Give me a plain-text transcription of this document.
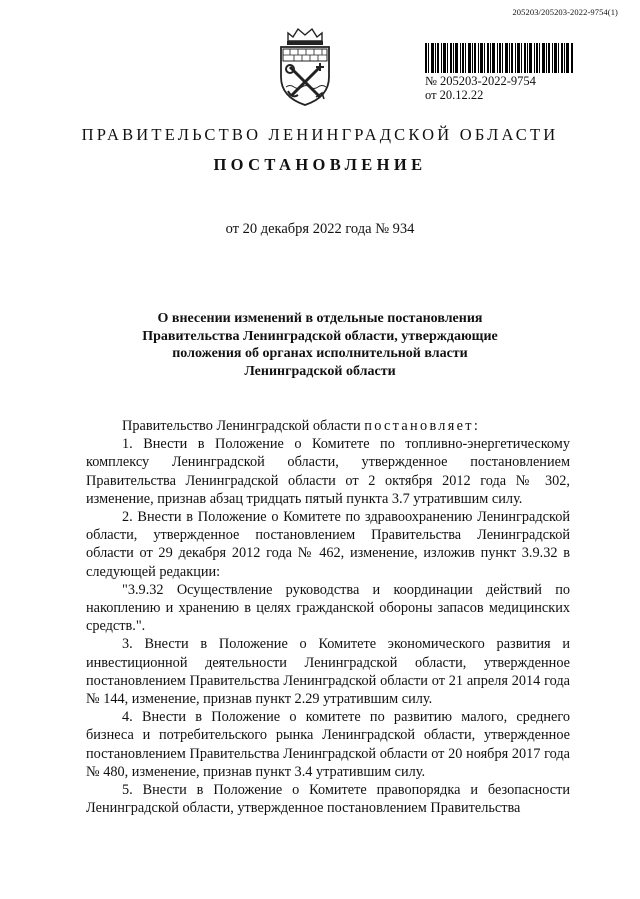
205203/205203-2022-9754(1)
№ 205203-2022-9754
от 20.12.22
ПРАВИТЕЛЬСТВО ЛЕНИНГРАДСКОЙ ОБЛАСТИ
ПОСТАНОВЛЕНИЕ
от 20 декабря 2022 года № 934
О внесении изменений в отдельные постановления
Правительства Ленинградской области, утверждающие
положения об органах исполнительной власти
Ленинградской области

Правительство Ленинградской области постановляет:

1. Внести в Положение о Комитете по топливно-энергетическому комплексу Ленинградской области, утвержденное постановлением Правительства Ленинградской области от 2 октября 2012 года № 302, изменение, признав абзац тридцать пятый пункта 3.7 утратившим силу.

2. Внести в Положение о Комитете по здравоохранению Ленинградской области, утвержденное постановлением Правительства Ленинградской области от 29 декабря 2012 года № 462, изменение, изложив пункт 3.9.32 в следующей редакции:

"3.9.32 Осуществление руководства и координации действий по накоплению и хранению в целях гражданской обороны запасов медицинских средств.".

3. Внести в Положение о Комитете экономического развития и инвестиционной деятельности Ленинградской области, утвержденное постановлением Правительства Ленинградской области от 21 апреля 2014 года № 144, изменение, признав пункт 2.29 утратившим силу.

4. Внести в Положение о комитете по развитию малого, среднего бизнеса и потребительского рынка Ленинградской области, утвержденное постановлением Правительства Ленинградской области от 20 ноября 2017 года № 480, изменение, признав пункт 3.4 утратившим силу.

5. Внести в Положение о Комитете правопорядка и безопасности Ленинградской области, утвержденное постановлением Правительства
